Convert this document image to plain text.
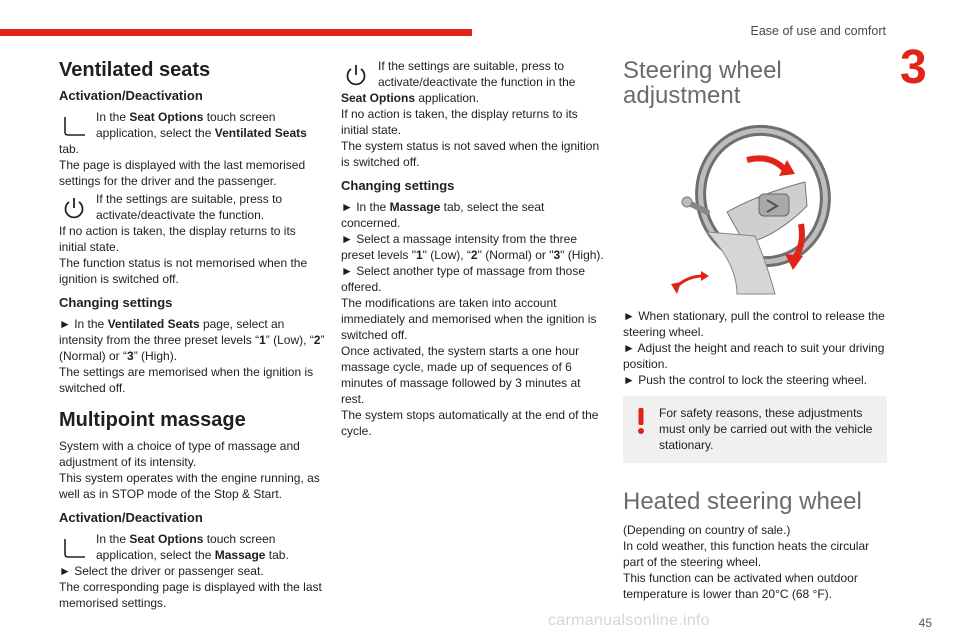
Ease of use and comfort
3
Ventilated seats
Activation/Deactivation

In the Seat Options touch screen application, select the Ventilated Seats

tab.

The page is displayed with the last memorised settings for the driver and the passenger.

If the settings are suitable, press to activate/deactivate the function.

If no action is taken, the display returns to its initial state.

The function status is not memorised when the ignition is switched off.

Changing settings

► In the Ventilated Seats page, select an intensity from the three preset levels “1” (Low), “2” (Normal) or “3” (High).

The settings are memorised when the ignition is switched off.

Multipoint massage

System with a choice of type of massage and adjustment of its intensity.

This system operates with the engine running, as well as in STOP mode of the Stop & Start.

Activation/Deactivation

In the Seat Options touch screen application, select the Massage tab.

► Select the driver or passenger seat.

The corresponding page is displayed with the last memorised settings.

If the settings are suitable, press to activate/deactivate the function in the

Seat Options application.

If no action is taken, the display returns to its initial state.

The system status is not saved when the ignition is switched off.

Changing settings

► In the Massage tab, select the seat concerned.

► Select a massage intensity from the three preset levels "1" (Low), “2" (Normal) or "3" (High).

► Select another type of massage from those offered.

The modifications are taken into account immediately and memorised when the ignition is switched off.

Once activated, the system starts a one hour massage cycle, made up of sequences of 6 minutes of massage followed by 3 minutes at rest.

The system stops automatically at the end of the cycle.

Steering wheel adjustment

► When stationary, pull the control to release the steering wheel.

► Adjust the height and reach to suit your driving position.

► Push the control to lock the steering wheel.

For safety reasons, these adjustments must only be carried out with the vehicle stationary.

Heated steering wheel

(Depending on country of sale.)

In cold weather, this function heats the circular part of the steering wheel.

This function can be activated when outdoor temperature is lower than 20°C (68 °F).

carmanualsonline.info	45
